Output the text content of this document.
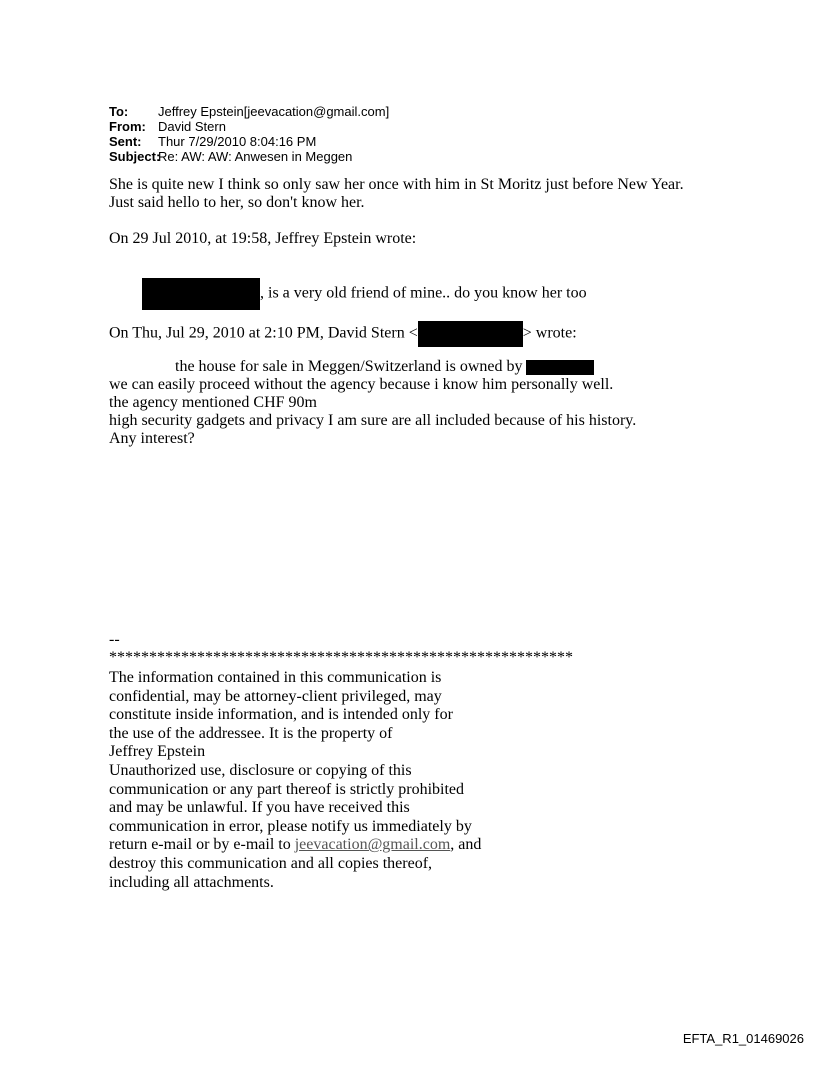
To: Jeffrey Epstein[jeevacation@gmail.com]
From: David Stern
Sent: Thur 7/29/2010 8:04:16 PM
Subject:Re: AW: AW: Anwesen in Meggen
She is quite new I think so only saw her once with him in St Moritz just before New Year.
Just said hello to her, so don't know her.
On 29 Jul 2010, at 19:58, Jeffrey Epstein wrote:
, is a very old friend of mine.. do you know her too
On Thu, Jul 29, 2010 at 2:10 PM, David Stern <	> wrote:
the house for sale in Meggen/Switzerland is owned by
we can easily proceed without the agency because i know him personally well.
the agency mentioned CHF 90m
high security gadgets and privacy I am sure are all included because of his history.
Any interest?
--
**********************************************************
The information contained in this communication is
confidential, may be attorney-client privileged, may
constitute inside information, and is intended only for
the use of the addressee. It is the property of
Jeffrey Epstein
Unauthorized use, disclosure or copying of this
communication or any part thereof is strictly prohibited
and may be unlawful. If you have received this
communication in error, please notify us immediately by
return e-mail or by e-mail to jeevacation@gmail.com, and
destroy this communication and all copies thereof,
including all attachments.
EFTA_R1_01469026
